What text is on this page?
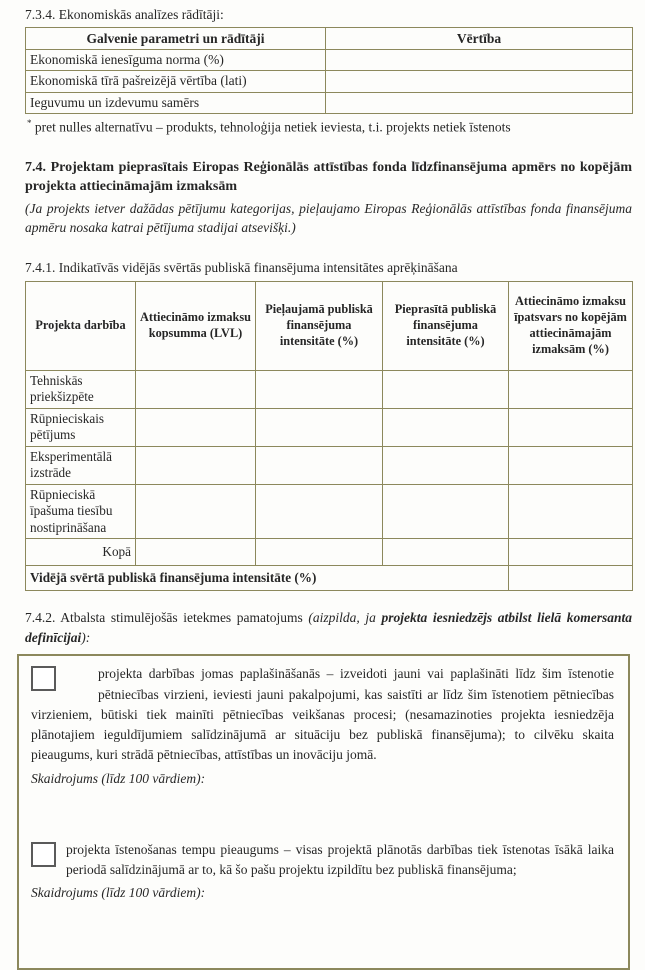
7.3.4. Ekonomiskās analīzes rādītāji:

Galvenie parametri un rādītāji	Vērtība
Ekonomiskā ienesīguma norma (%)	
Ekonomiskā tīrā pašreizējā vērtība (lati)	
Ieguvumu un izdevumu samērs	

* pret nulles alternatīvu – produkts, tehnoloģija netiek ieviesta, t.i. projekts netiek īstenots

7.4. Projektam pieprasītais Eiropas Reģionālās attīstības fonda līdzfinansējuma apmērs no kopējām projekta attiecināmajām izmaksām

(Ja projekts ietver dažādas pētījumu kategorijas, pieļaujamo Eiropas Reģionālās attīstības fonda finansējuma apmēru nosaka katrai pētījuma stadijai atsevišķi.)

7.4.1. Indikatīvās vidējās svērtās publiskā finansējuma intensitātes aprēķināšana

Projekta darbība	Attiecināmo izmaksu kopsumma (LVL)	Pieļaujamā publiskā finansējuma intensitāte (%)	Pieprasītā publiskā finansējuma intensitāte (%)	Attiecināmo izmaksu īpatsvars no kopējām attiecināmajām izmaksām (%)
Tehniskās priekšizpēte				
Rūpnieciskais pētījums				
Eksperimentālā izstrāde				
Rūpnieciskā īpašuma tiesību nostiprināšana				
Kopā				
Vidējā svērtā publiskā finansējuma intensitāte (%)				

7.4.2. Atbalsta stimulējošās ietekmes pamatojums (aizpilda, ja projekta iesniedzējs atbilst lielā komersanta definīcijai):

projekta darbības jomas paplašināšanās – izveidoti jauni vai paplašināti līdz šim īstenotie pētniecības virzieni, ieviesti jauni pakalpojumi, kas saistīti ar līdz šim īstenotiem pētniecības virzieniem, būtiski tiek mainīti pētniecības veikšanas procesi; (nesamazinoties projekta iesniedzēja plānotajiem ieguldījumiem salīdzinājumā ar situāciju bez publiskā finansējuma); to cilvēku skaita pieaugums, kuri strādā pētniecības, attīstības un inovāciju jomā.

Skaidrojums (līdz 100 vārdiem):

projekta īstenošanas tempu pieaugums – visas projektā plānotās darbības tiek īstenotas īsākā laika periodā salīdzinājumā ar to, kā šo pašu projektu izpildītu bez publiskā finansējuma;

Skaidrojums (līdz 100 vārdiem):
